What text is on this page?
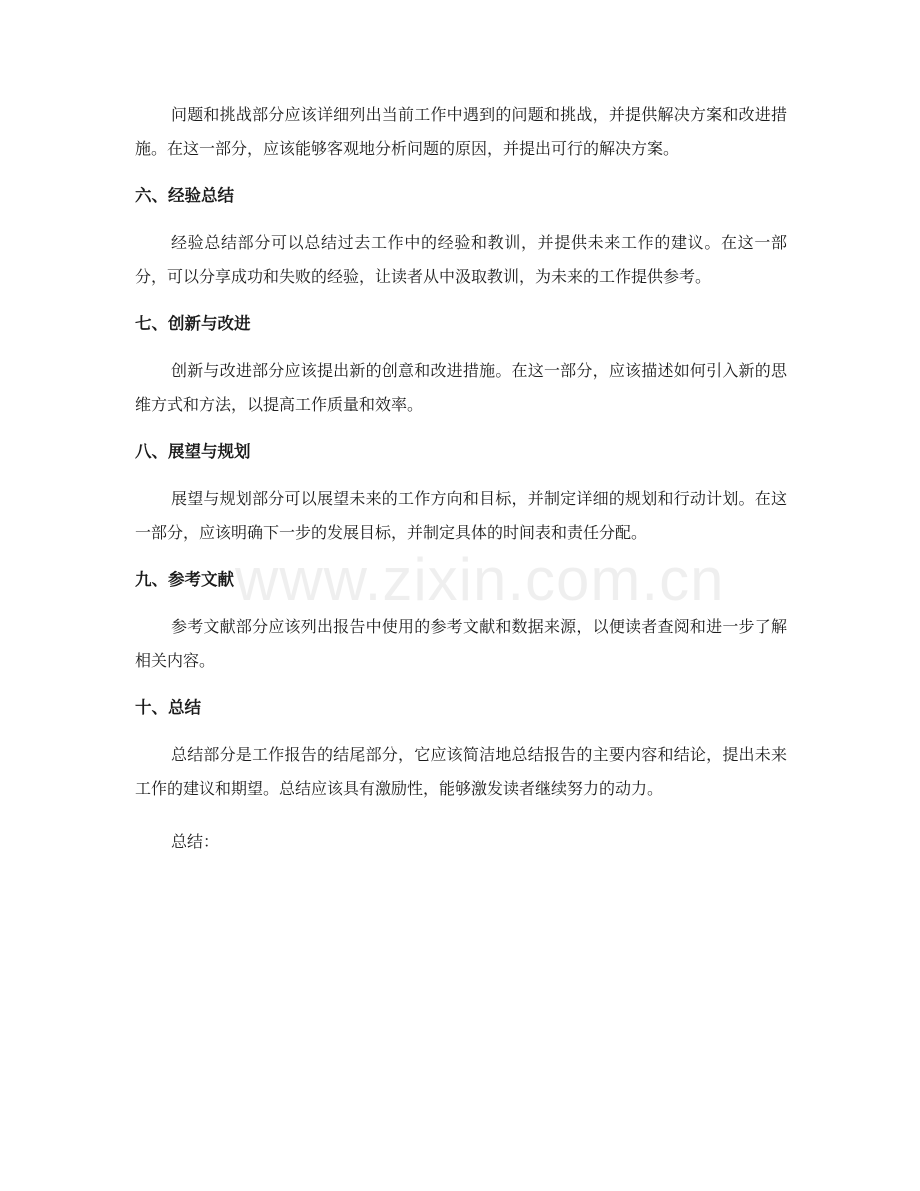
问题和挑战部分应该详细列出当前工作中遇到的问题和挑战，并提供解决方案和改进措施。在这一部分，应该能够客观地分析问题的原因，并提出可行的解决方案。

六、经验总结

经验总结部分可以总结过去工作中的经验和教训，并提供未来工作的建议。在这一部分，可以分享成功和失败的经验，让读者从中汲取教训，为未来的工作提供参考。

七、创新与改进

创新与改进部分应该提出新的创意和改进措施。在这一部分，应该描述如何引入新的思维方式和方法，以提高工作质量和效率。

八、展望与规划

展望与规划部分可以展望未来的工作方向和目标，并制定详细的规划和行动计划。在这一部分，应该明确下一步的发展目标，并制定具体的时间表和责任分配。

九、参考文献

参考文献部分应该列出报告中使用的参考文献和数据来源，以便读者查阅和进一步了解相关内容。

十、总结

总结部分是工作报告的结尾部分，它应该简洁地总结报告的主要内容和结论，提出未来工作的建议和期望。总结应该具有激励性，能够激发读者继续努力的动力。

总结：

www.zixin.com.cn
